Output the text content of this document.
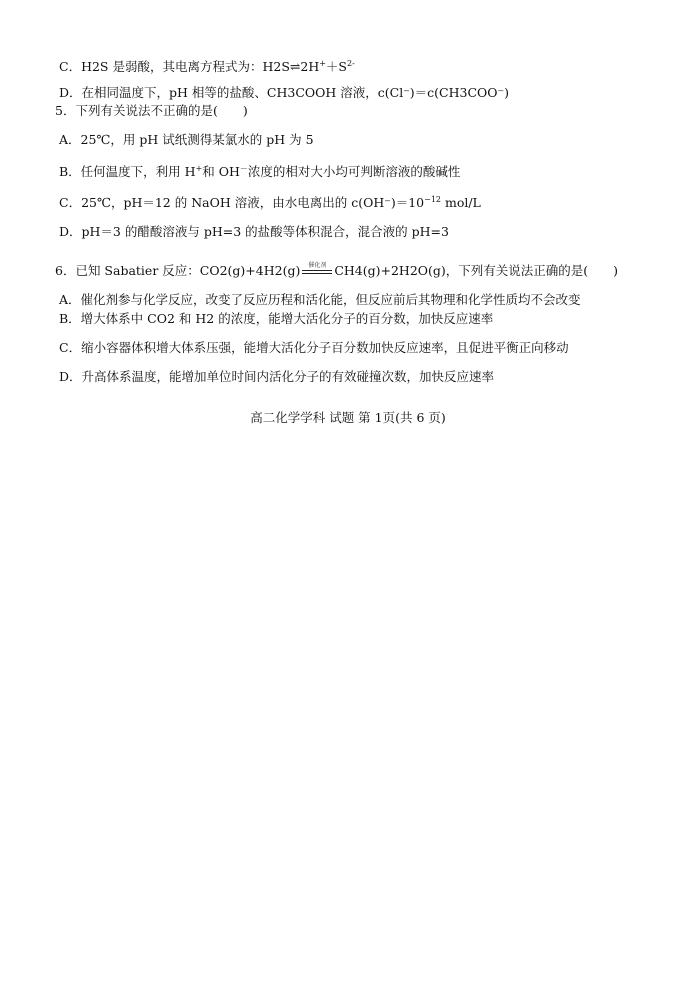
C．H2S 是弱酸，其电离方程式为：$H2S\rightleftharpoons 2H^++S^{2-}$
D．在相同温度下，pH 相等的盐酸、CH3COOH 溶液，c(Cl⁻)＝c(CH3COO⁻)
5．下列有关说法不正确的是(　　)
A．25℃，用 pH 试纸测得某氯水的 pH 为 5
B．任何温度下，利用 H+和 OH－浓度的相对大小均可判断溶液的酸碱性
C．25℃，pH＝12 的 NaOH 溶液，由水电离出的 $c(OH^-)=10^{-12}$ mol/L
D．pH＝3 的醋酸溶液与 pH=3 的盐酸等体积混合，混合液的 pH=3
6．已知 Sabatier 反应：CO2(g)+4H2(g)	催化剂 CH4(g)+2H2O(g)，下列有关说法正确的是(　　)
A．催化剂参与化学反应，改变了反应历程和活化能，但反应前后其物理和化学性质均不会改变
B．增大体系中 CO2 和 H2 的浓度，能增大活化分子的百分数，加快反应速率
C．缩小容器体积增大体系压强，能增大活化分子百分数加快反应速率，且促进平衡正向移动
D．升高体系温度，能增加单位时间内活化分子的有效碰撞次数，加快反应速率
高二化学学科 试题 第 1页(共 6 页)
